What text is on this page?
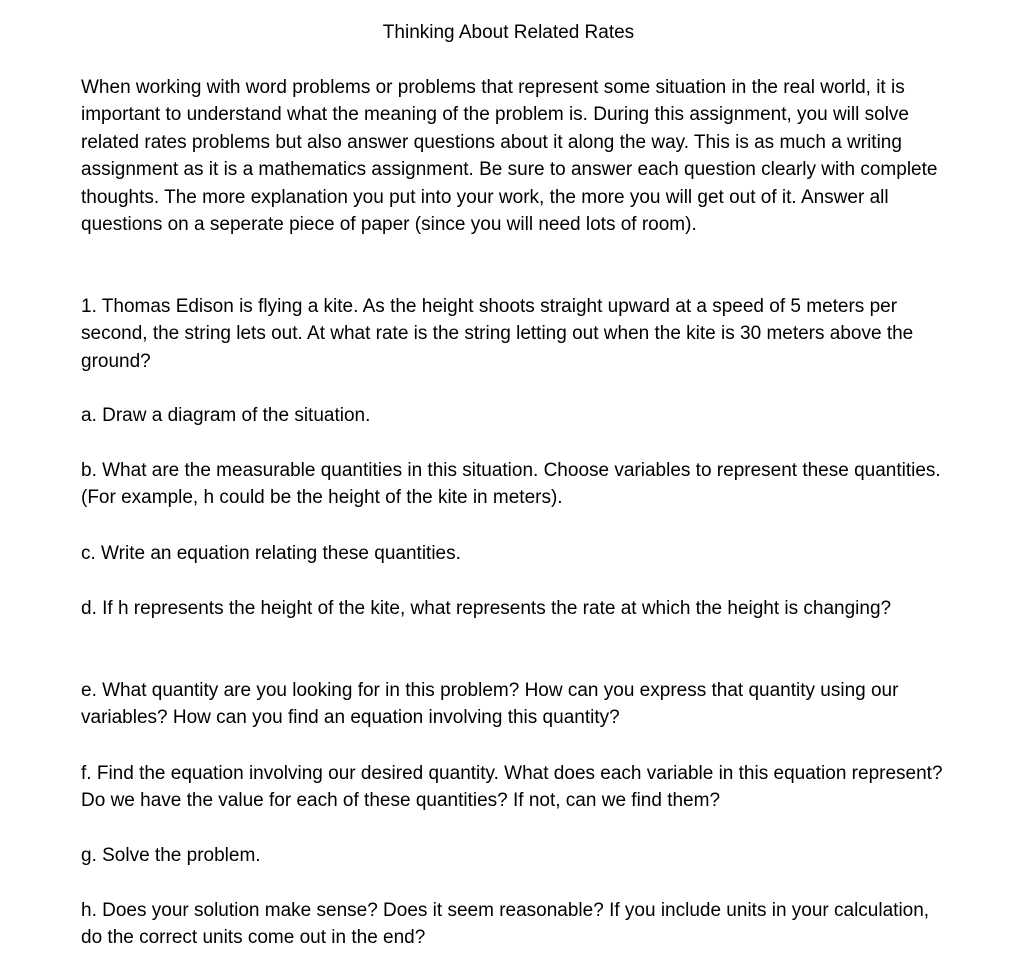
Thinking About Related Rates

When working with word problems or problems that represent some situation in the real world, it is important to understand what the meaning of the problem is. During this assignment, you will solve related rates problems but also answer questions about it along the way. This is as much a writing assignment as it is a mathematics assignment. Be sure to answer each question clearly with complete thoughts. The more explanation you put into your work, the more you will get out of it. Answer all questions on a seperate piece of paper (since you will need lots of room).

1. Thomas Edison is flying a kite. As the height shoots straight upward at a speed of 5 meters per second, the string lets out. At what rate is the string letting out when the kite is 30 meters above the ground?

a. Draw a diagram of the situation.

b. What are the measurable quantities in this situation. Choose variables to represent these quantities. (For example, h could be the height of the kite in meters).

c. Write an equation relating these quantities.

d. If h represents the height of the kite, what represents the rate at which the height is changing?

e. What quantity are you looking for in this problem? How can you express that quantity using our variables? How can you find an equation involving this quantity?

f. Find the equation involving our desired quantity. What does each variable in this equation represent? Do we have the value for each of these quantities? If not, can we find them?

g. Solve the problem.

h. Does your solution make sense? Does it seem reasonable? If you include units in your calculation, do the correct units come out in the end?
